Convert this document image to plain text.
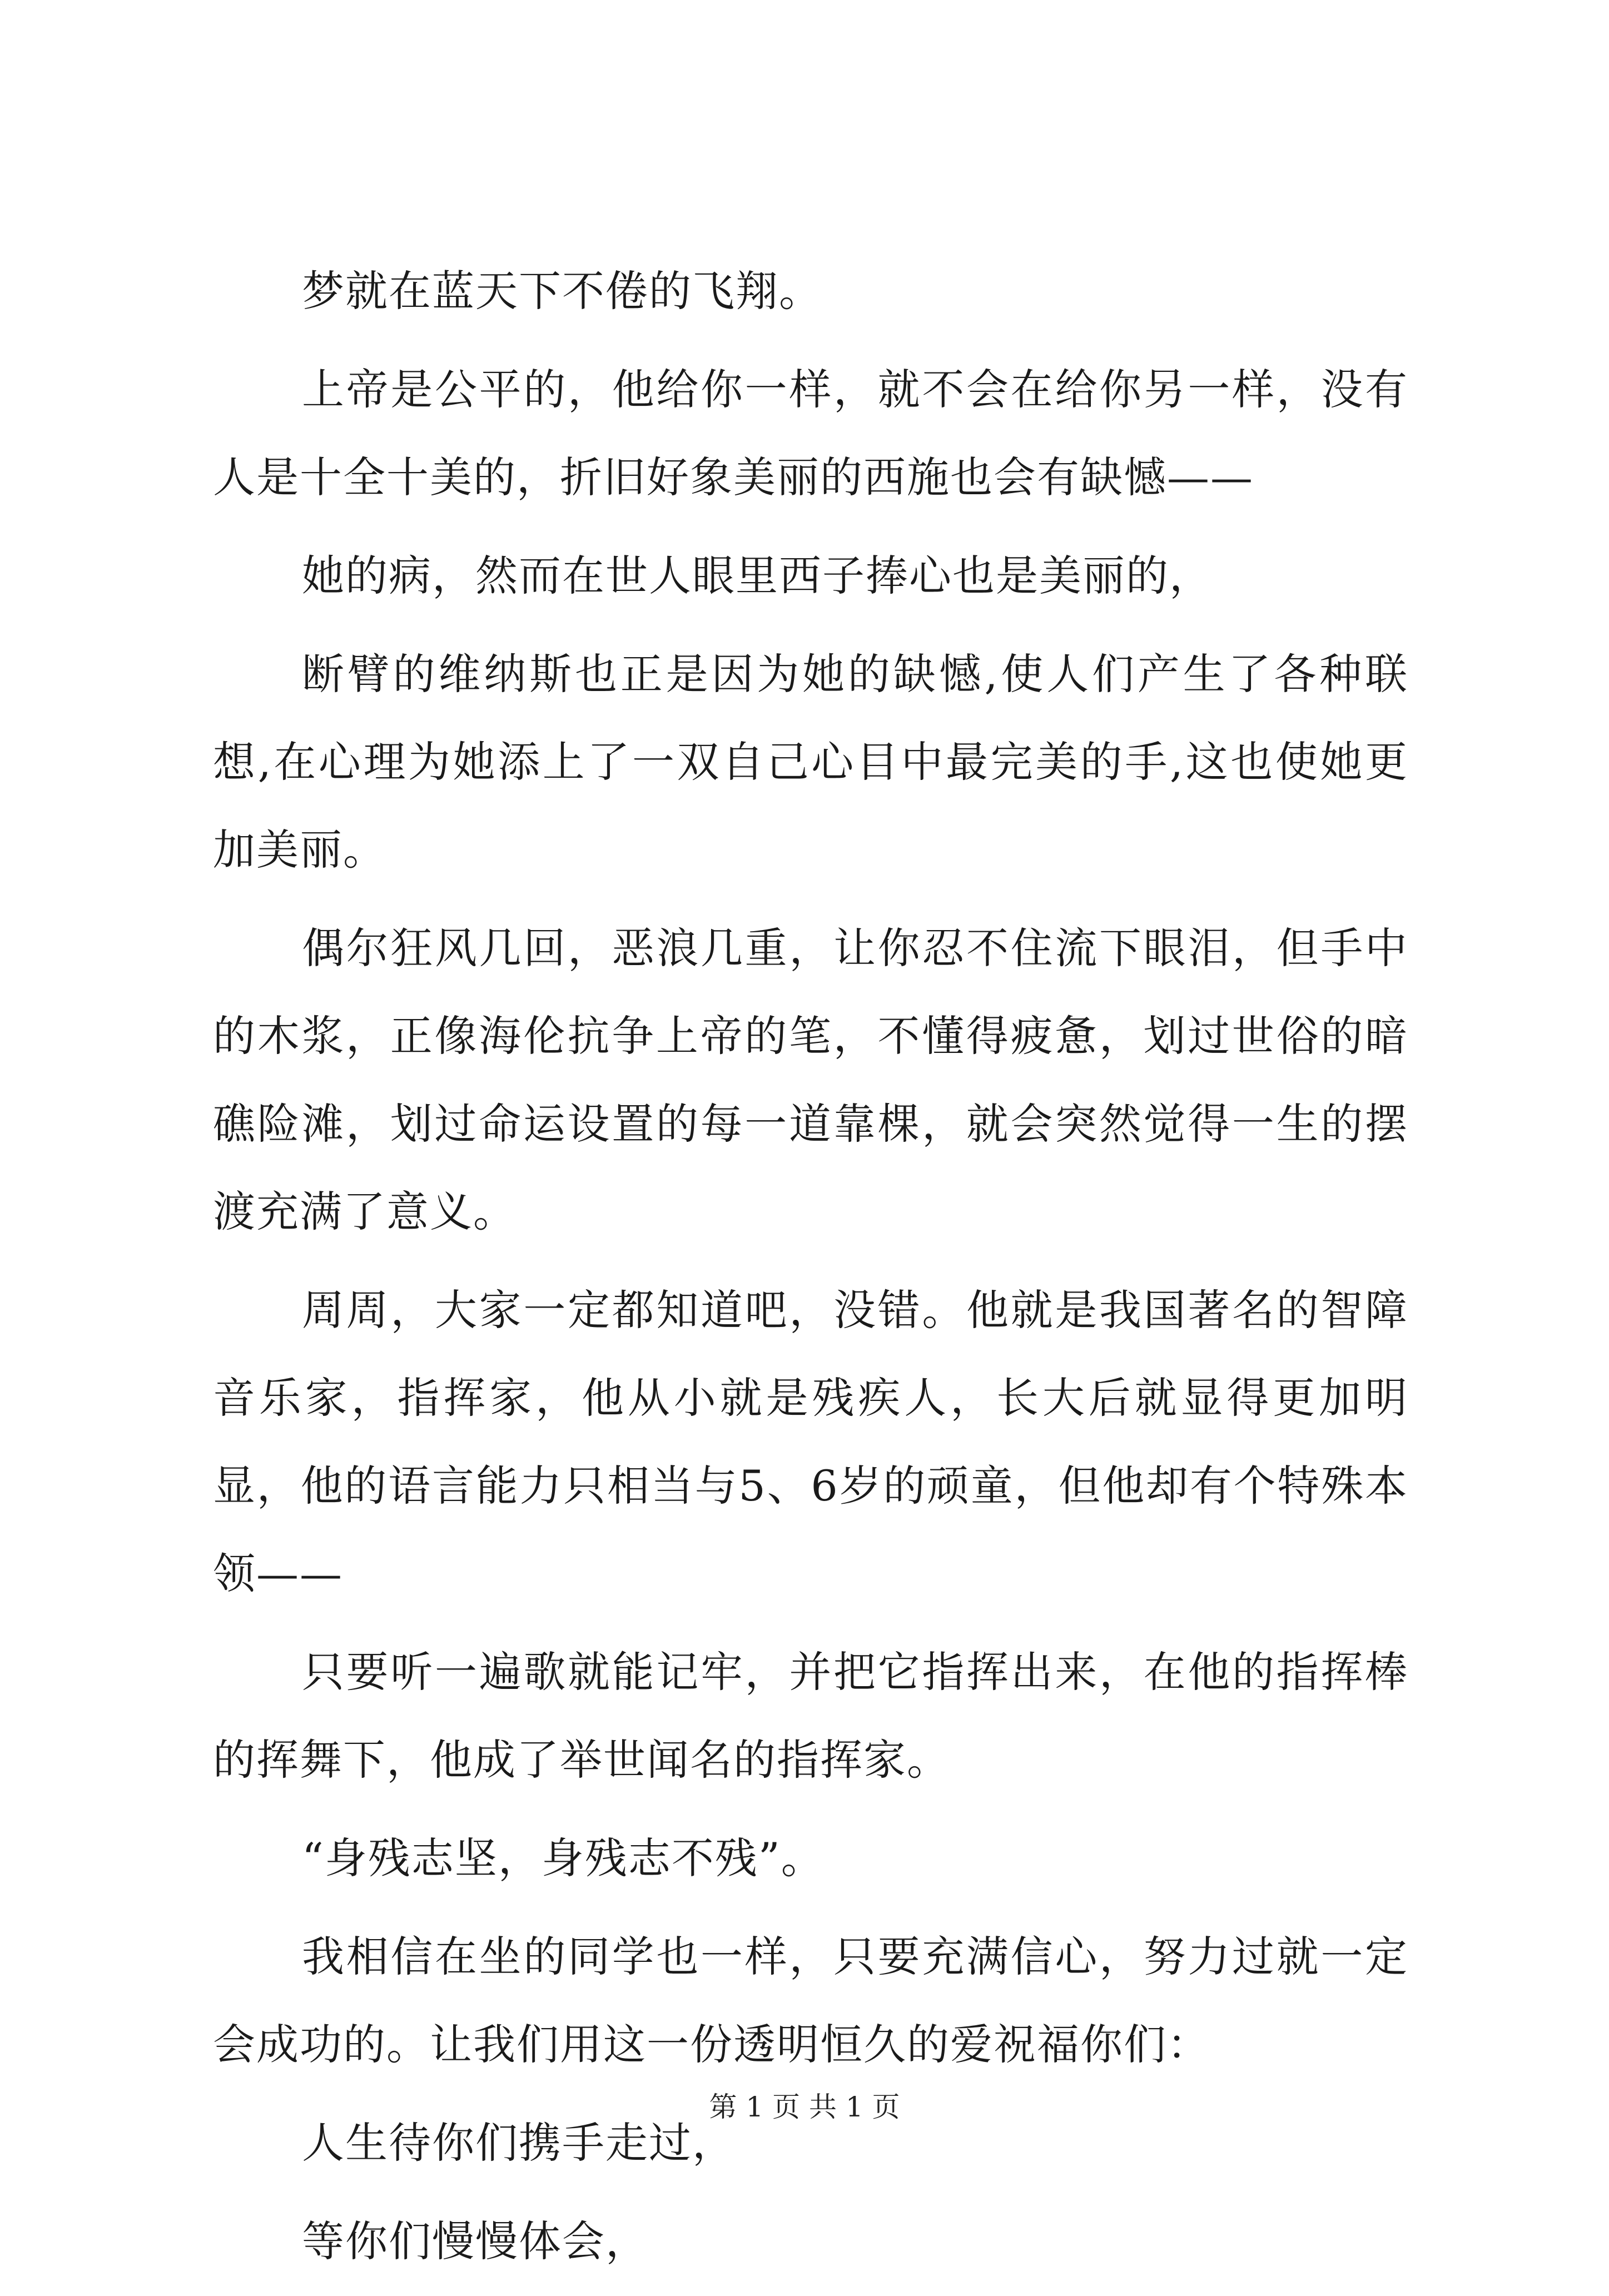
梦就在蓝天下不倦的飞翔。

上帝是公平的，他给你一样，就不会在给你另一样，没有人是十全十美的，折旧好象美丽的西施也会有缺憾——

她的病，然而在世人眼里西子捧心也是美丽的，

断臂的维纳斯也正是因为她的缺憾,使人们产生了各种联想,在心理为她添上了一双自己心目中最完美的手,这也使她更加美丽。

偶尔狂风几回，恶浪几重，让你忍不住流下眼泪，但手中的木浆，正像海伦抗争上帝的笔，不懂得疲惫，划过世俗的暗礁险滩，划过命运设置的每一道靠棵，就会突然觉得一生的摆渡充满了意义。

周周，大家一定都知道吧，没错。他就是我国著名的智障音乐家，指挥家，他从小就是残疾人，长大后就显得更加明显，他的语言能力只相当与5、6岁的顽童，但他却有个特殊本领——

只要听一遍歌就能记牢，并把它指挥出来，在他的指挥棒的挥舞下，他成了举世闻名的指挥家。

“身残志坚，身残志不残”。

我相信在坐的同学也一样，只要充满信心，努力过就一定会成功的。让我们用这一份透明恒久的爱祝福你们：

人生待你们携手走过，

等你们慢慢体会，

第 1 页 共 1 页
